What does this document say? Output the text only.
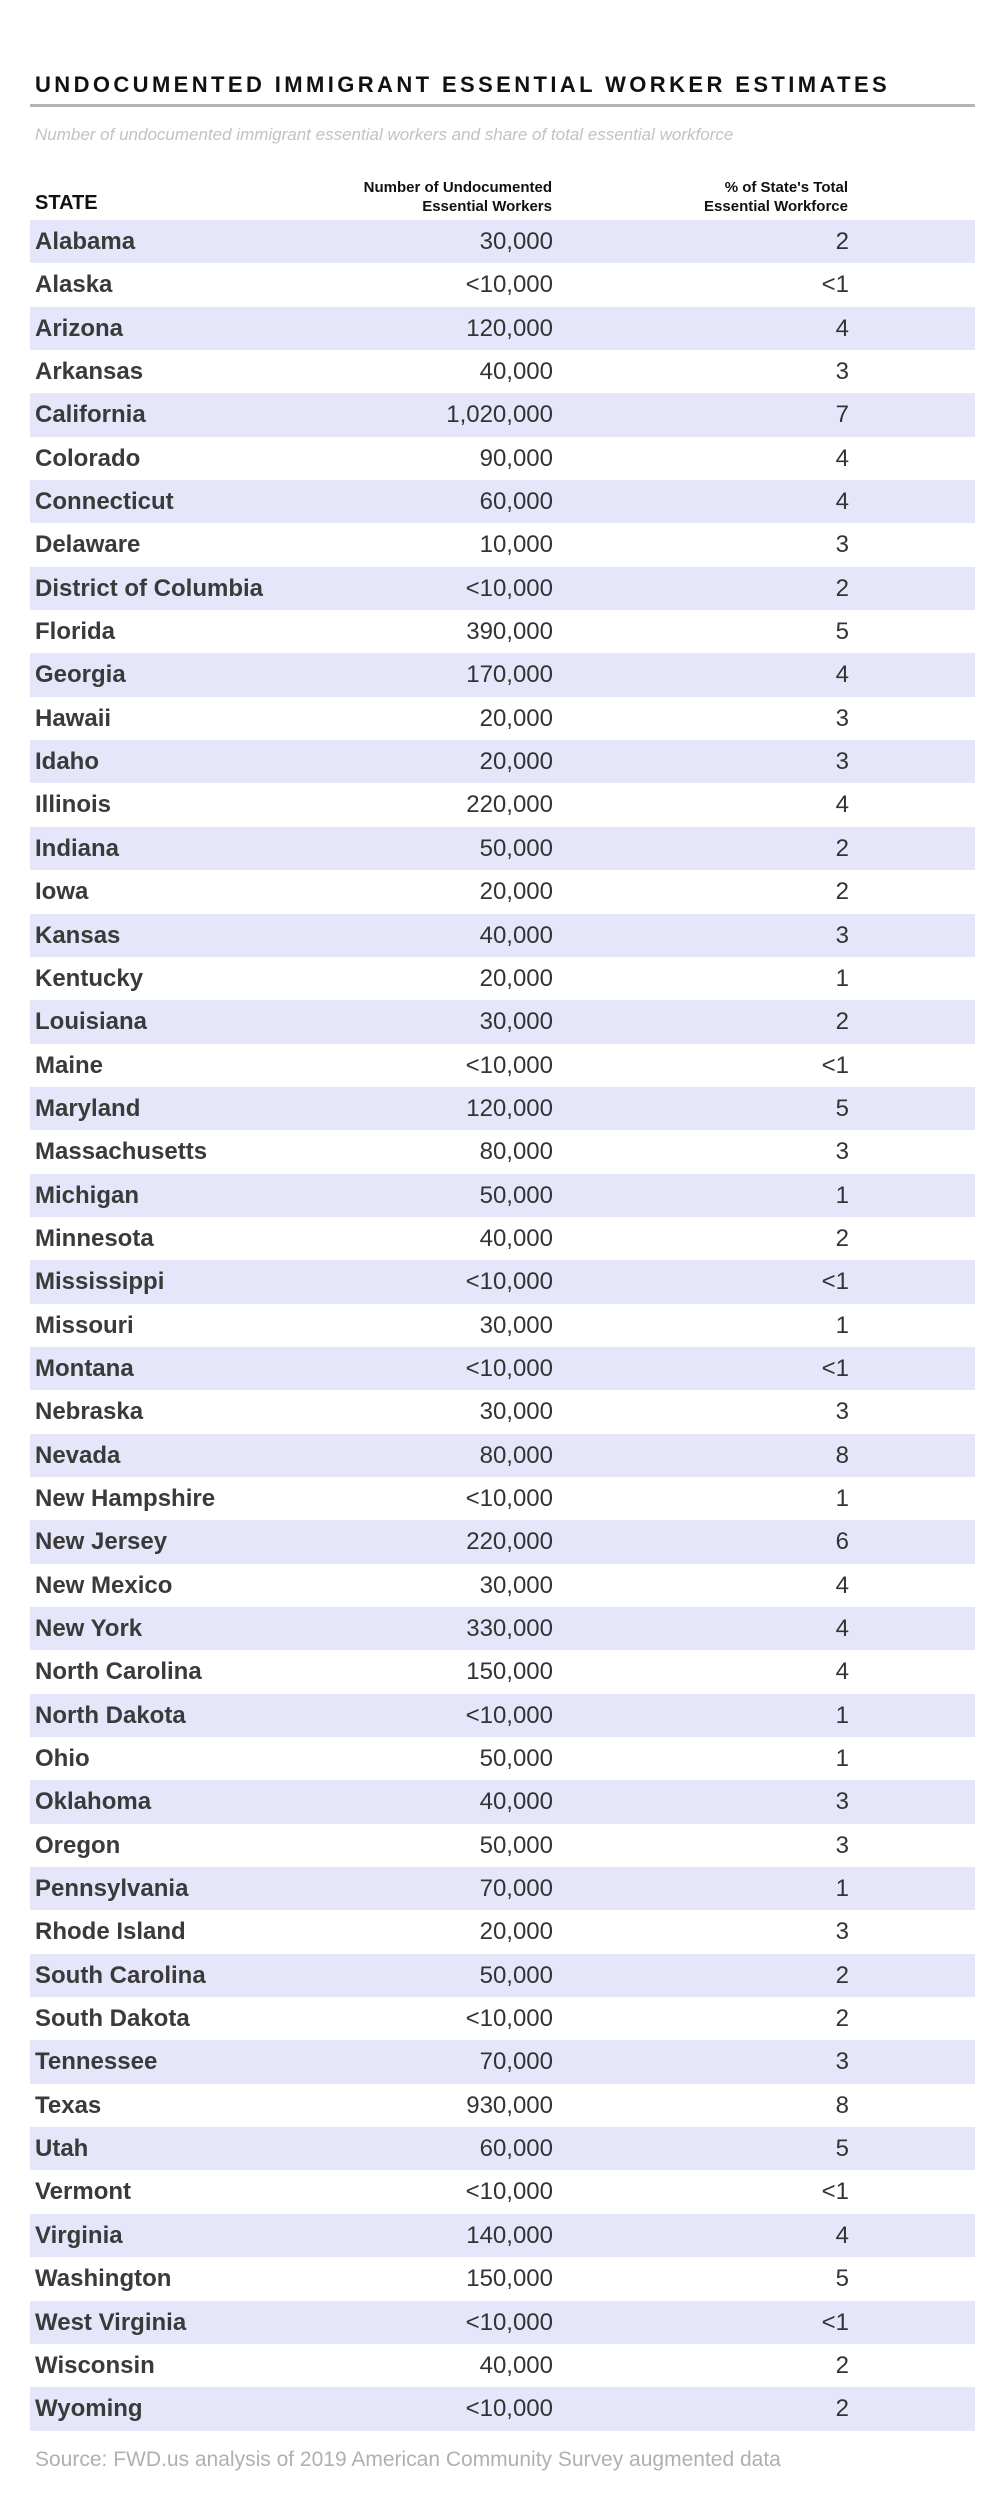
UNDOCUMENTED IMMIGRANT ESSENTIAL WORKER ESTIMATES
Number of undocumented immigrant essential workers and share of total essential workforce
STATE
Number of Undocumented
Essential Workers
% of State's Total
Essential Workforce
Alabama	30,000	2
Alaska	<10,000	<1
Arizona	120,000	4
Arkansas	40,000	3
California	1,020,000	7
Colorado	90,000	4
Connecticut	60,000	4
Delaware	10,000	3
District of Columbia	<10,000	2
Florida	390,000	5
Georgia	170,000	4
Hawaii	20,000	3
Idaho	20,000	3
Illinois	220,000	4
Indiana	50,000	2
Iowa	20,000	2
Kansas	40,000	3
Kentucky	20,000	1
Louisiana	30,000	2
Maine	<10,000	<1
Maryland	120,000	5
Massachusetts	80,000	3
Michigan	50,000	1
Minnesota	40,000	2
Mississippi	<10,000	<1
Missouri	30,000	1
Montana	<10,000	<1
Nebraska	30,000	3
Nevada	80,000	8
New Hampshire	<10,000	1
New Jersey	220,000	6
New Mexico	30,000	4
New York	330,000	4
North Carolina	150,000	4
North Dakota	<10,000	1
Ohio	50,000	1
Oklahoma	40,000	3
Oregon	50,000	3
Pennsylvania	70,000	1
Rhode Island	20,000	3
South Carolina	50,000	2
South Dakota	<10,000	2
Tennessee	70,000	3
Texas	930,000	8
Utah	60,000	5
Vermont	<10,000	<1
Virginia	140,000	4
Washington	150,000	5
West Virginia	<10,000	<1
Wisconsin	40,000	2
Wyoming	<10,000	2
Source: FWD.us analysis of 2019 American Community Survey augmented data
